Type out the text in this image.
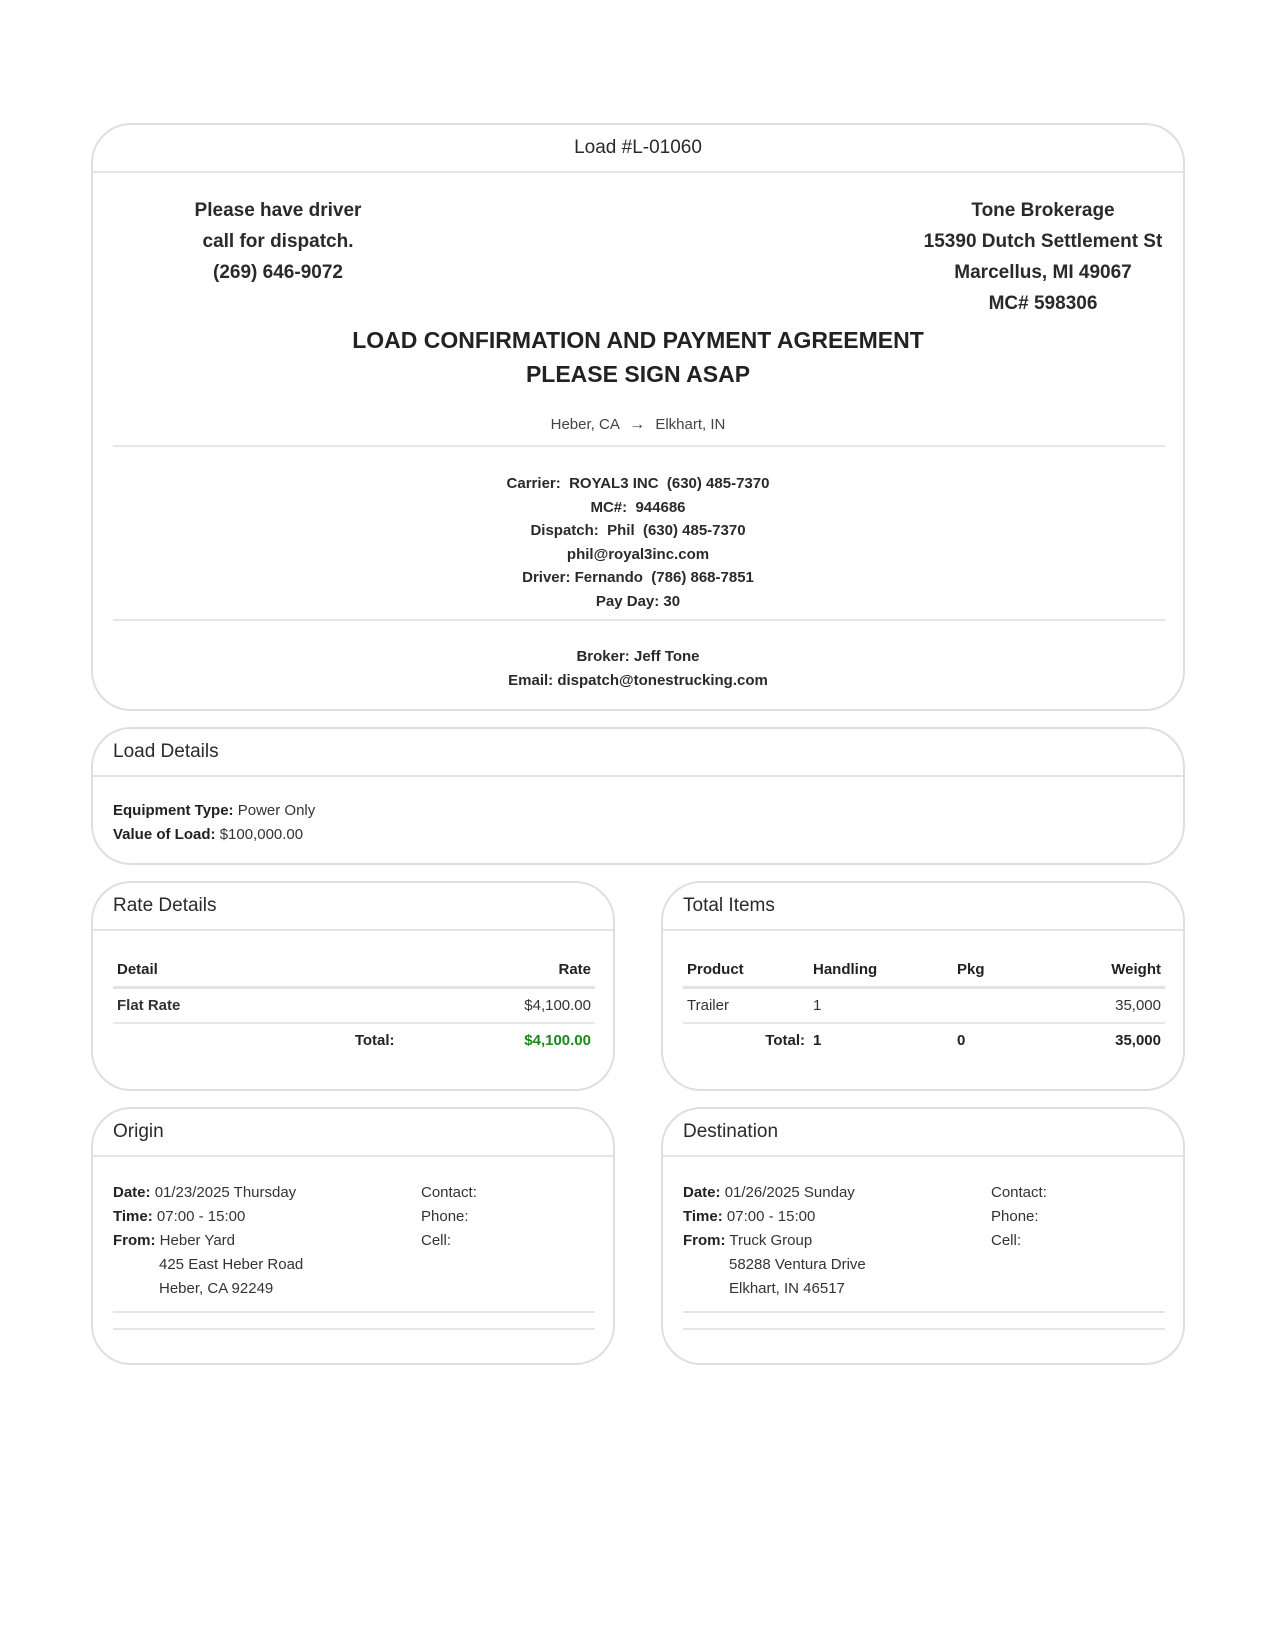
Load #L-01060
Please have driver
call for dispatch.
(269) 646-9072
Tone Brokerage
15390 Dutch Settlement St
Marcellus, MI 49067
MC# 598306
LOAD CONFIRMATION AND PAYMENT AGREEMENT
PLEASE SIGN ASAP
Heber, CA → Elkhart, IN
Carrier:  ROYAL3 INC  (630) 485-7370
MC#:  944686
Dispatch:  Phil  (630) 485-7370
phil@royal3inc.com
Driver: Fernando  (786) 868-7851
Pay Day: 30
Broker: Jeff Tone
Email: dispatch@tonestrucking.com
Load Details
Equipment Type: Power Only
Value of Load: $100,000.00
Rate Details
Detail		Rate
Flat Rate		$4,100.00
	Total:	$4,100.00
Total Items
Product	Handling	Pkg	Weight
Trailer	1		35,000
Total:	1	0	35,000
Origin
Date: 01/23/2025 Thursday
Time: 07:00 - 15:00
From: Heber Yard
425 East Heber Road
Heber, CA 92249
Contact:
Phone:
Cell:
Destination
Date: 01/26/2025 Sunday
Time: 07:00 - 15:00
From: Truck Group
58288 Ventura Drive
Elkhart, IN 46517
Contact:
Phone:
Cell:
